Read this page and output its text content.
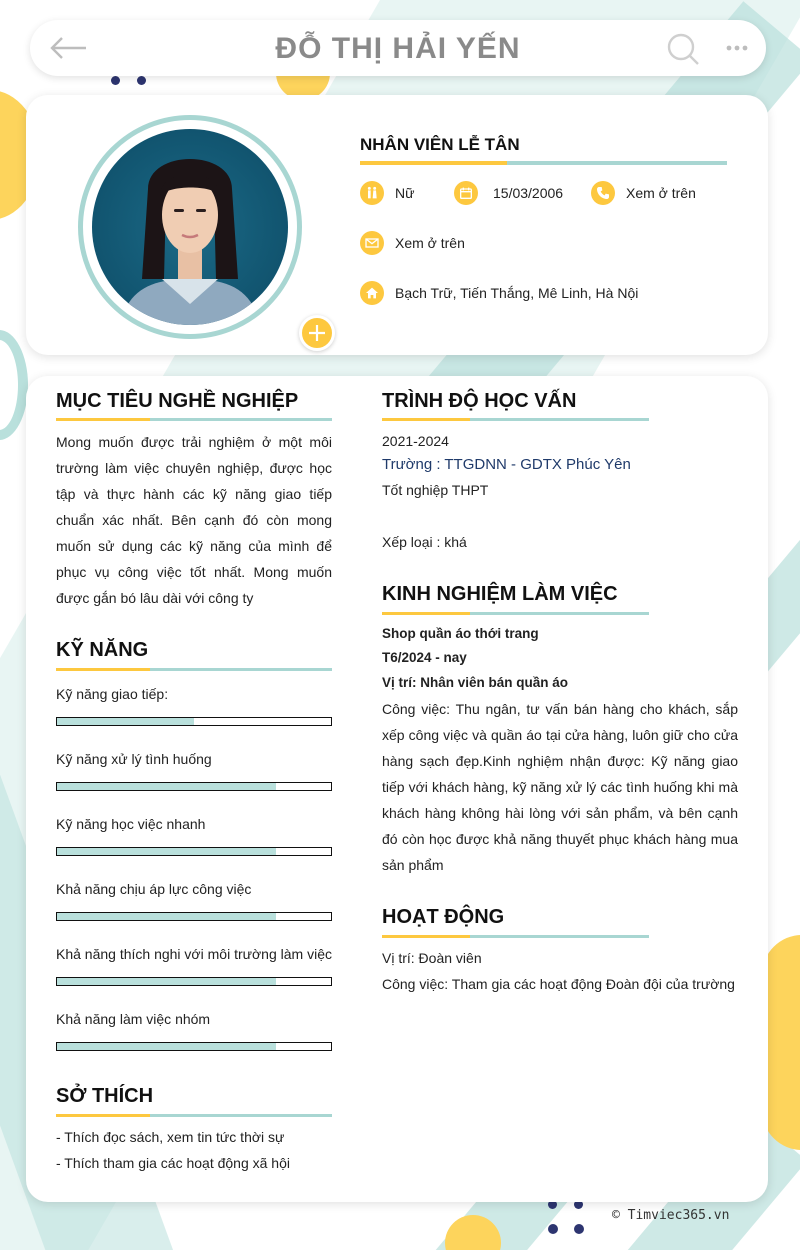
ĐỖ THỊ HẢI YẾN
NHÂN VIÊN LỄ TÂN
Nữ	15/03/2006	Xem ở trên
Xem ở trên
Bạch Trữ, Tiến Thắng, Mê Linh, Hà Nội
MỤC TIÊU NGHỀ NGHIỆP
Mong muốn được trải nghiệm ở một môi trường làm việc chuyên nghiệp, được học tập và thực hành các kỹ năng giao tiếp chuẩn xác nhất. Bên cạnh đó còn mong muốn sử dụng các kỹ năng của mình để phục vụ công việc tốt nhất. Mong muốn được gắn bó lâu dài với công ty
KỸ NĂNG
Kỹ năng giao tiếp:
Kỹ năng xử lý tình huống
Kỹ năng học việc nhanh
Khả năng chịu áp lực công việc
Khả năng thích nghi với môi trường làm việc
Khả năng làm việc nhóm
SỞ THÍCH
- Thích đọc sách, xem tin tức thời sự
- Thích tham gia các hoạt động xã hội
TRÌNH ĐỘ HỌC VẤN
2021-2024
Trường : TTGDNN - GDTX Phúc Yên
Tốt nghiệp THPT
Xếp loại : khá
KINH NGHIỆM LÀM VIỆC
Shop quần áo thới trang
T6/2024 - nay
Vị trí: Nhân viên bán quần áo
Công việc: Thu ngân, tư vấn bán hàng cho khách, sắp xếp công việc và quần áo tại cửa hàng, luôn giữ cho cửa hàng sạch đẹp.Kinh nghiệm nhận được: Kỹ năng giao tiếp với khách hàng, kỹ năng xử lý các tình huống khi mà khách hàng không hài lòng với sản phẩm, và bên cạnh đó còn học được khả năng thuyết phục khách hàng mua sản phẩm
HOẠT ĐỘNG
Vị trí: Đoàn viên
Công việc: Tham gia các hoạt động Đoàn đội của trường
© Timviec365.vn
